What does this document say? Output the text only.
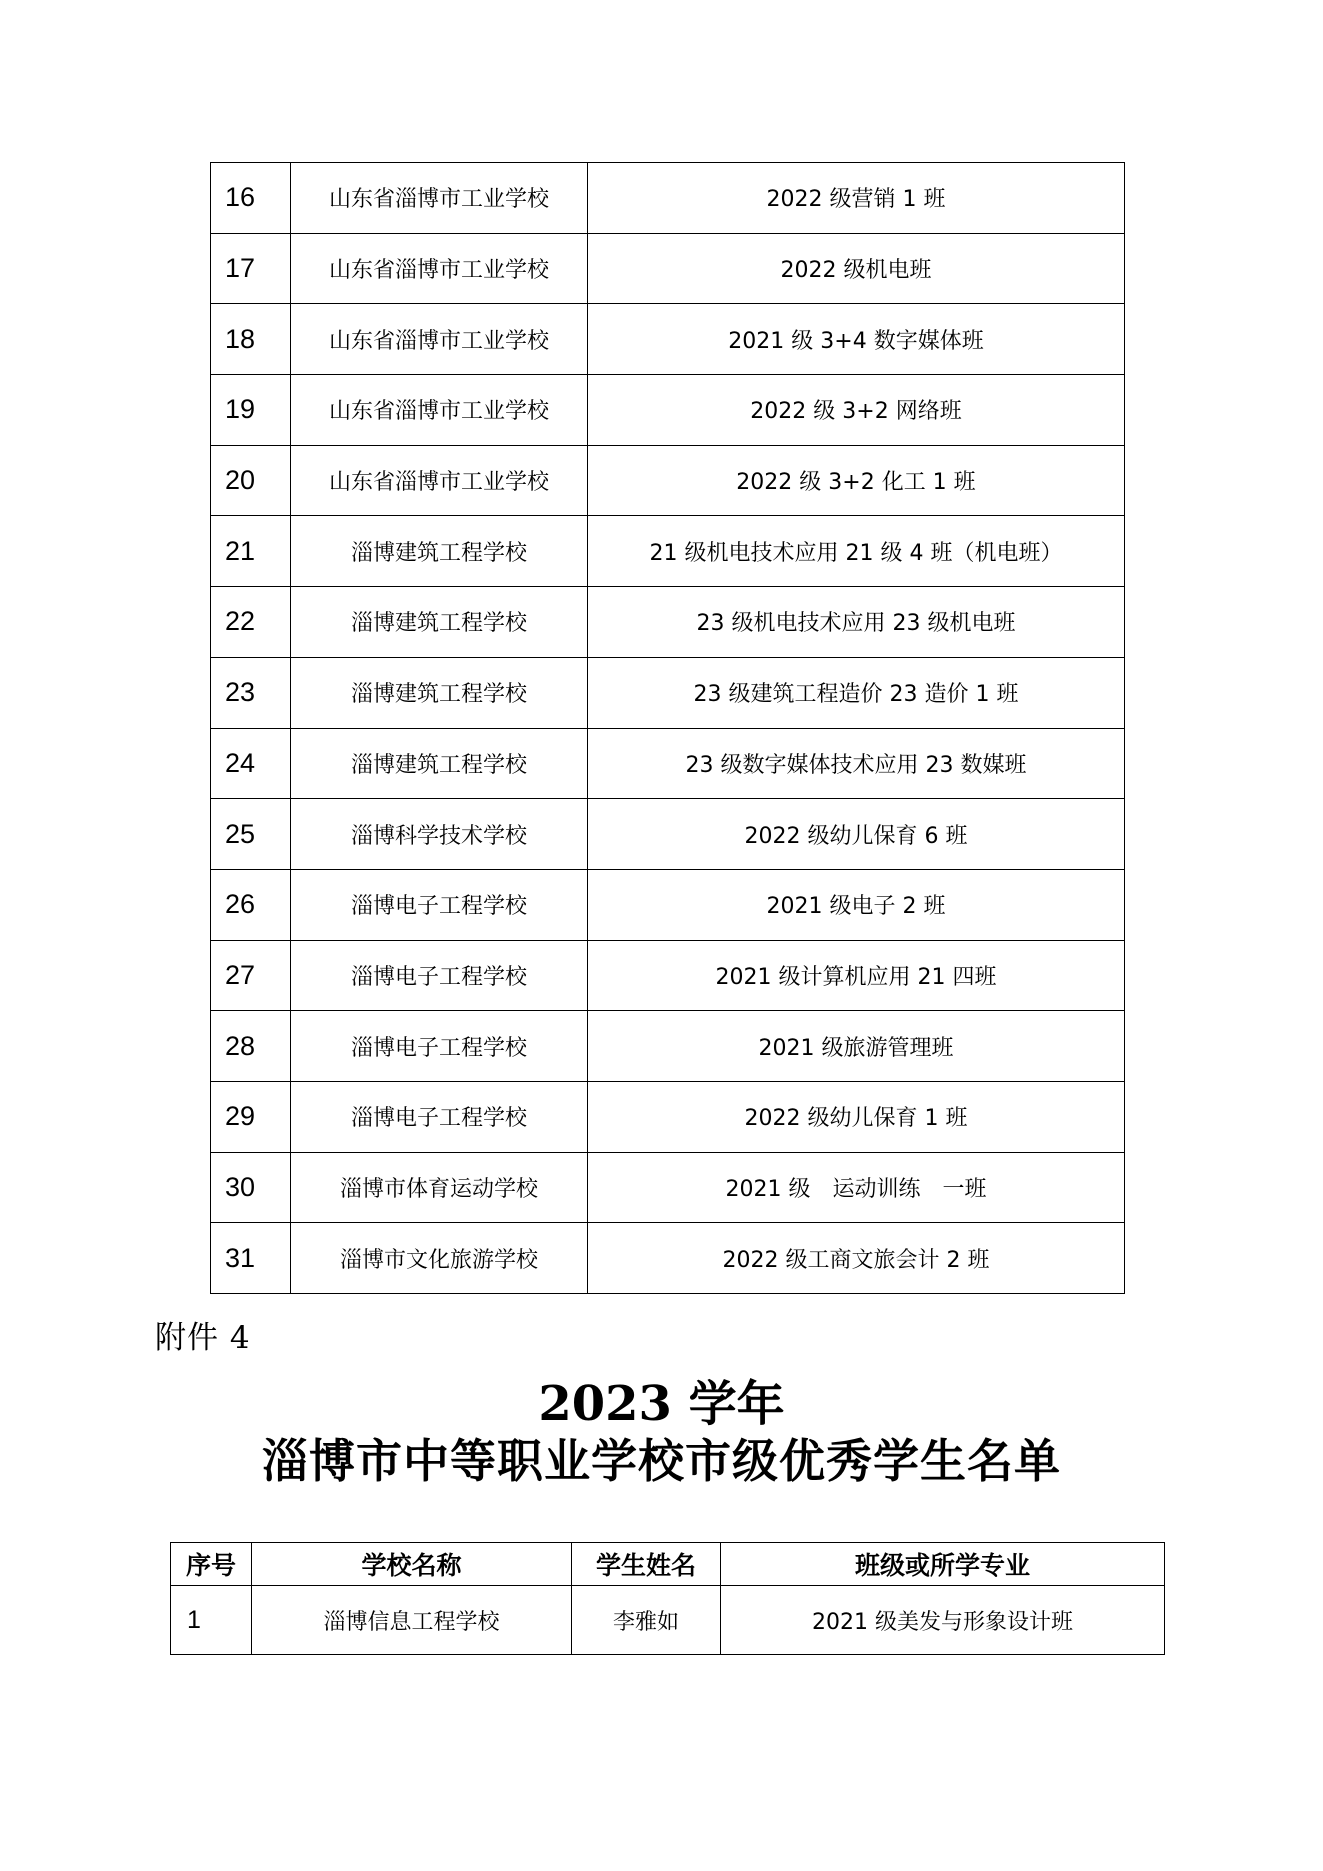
16	山东省淄博市工业学校	2022 级营销 1 班
17	山东省淄博市工业学校	2022 级机电班
18	山东省淄博市工业学校	2021 级 3+4 数字媒体班
19	山东省淄博市工业学校	2022 级 3+2 网络班
20	山东省淄博市工业学校	2022 级 3+2 化工 1 班
21	淄博建筑工程学校	21 级机电技术应用 21 级 4 班（机电班）
22	淄博建筑工程学校	23 级机电技术应用 23 级机电班
23	淄博建筑工程学校	23 级建筑工程造价 23 造价 1 班
24	淄博建筑工程学校	23 级数字媒体技术应用 23 数媒班
25	淄博科学技术学校	2022 级幼儿保育 6 班
26	淄博电子工程学校	2021 级电子 2 班
27	淄博电子工程学校	2021 级计算机应用 21 四班
28	淄博电子工程学校	2021 级旅游管理班
29	淄博电子工程学校	2022 级幼儿保育 1 班
30	淄博市体育运动学校	2021 级　运动训练　一班
31	淄博市文化旅游学校	2022 级工商文旅会计 2 班
附件 4
2023 学年
淄博市中等职业学校市级优秀学生名单
序号	学校名称	学生姓名	班级或所学专业
1	淄博信息工程学校	李雅如	2021 级美发与形象设计班
